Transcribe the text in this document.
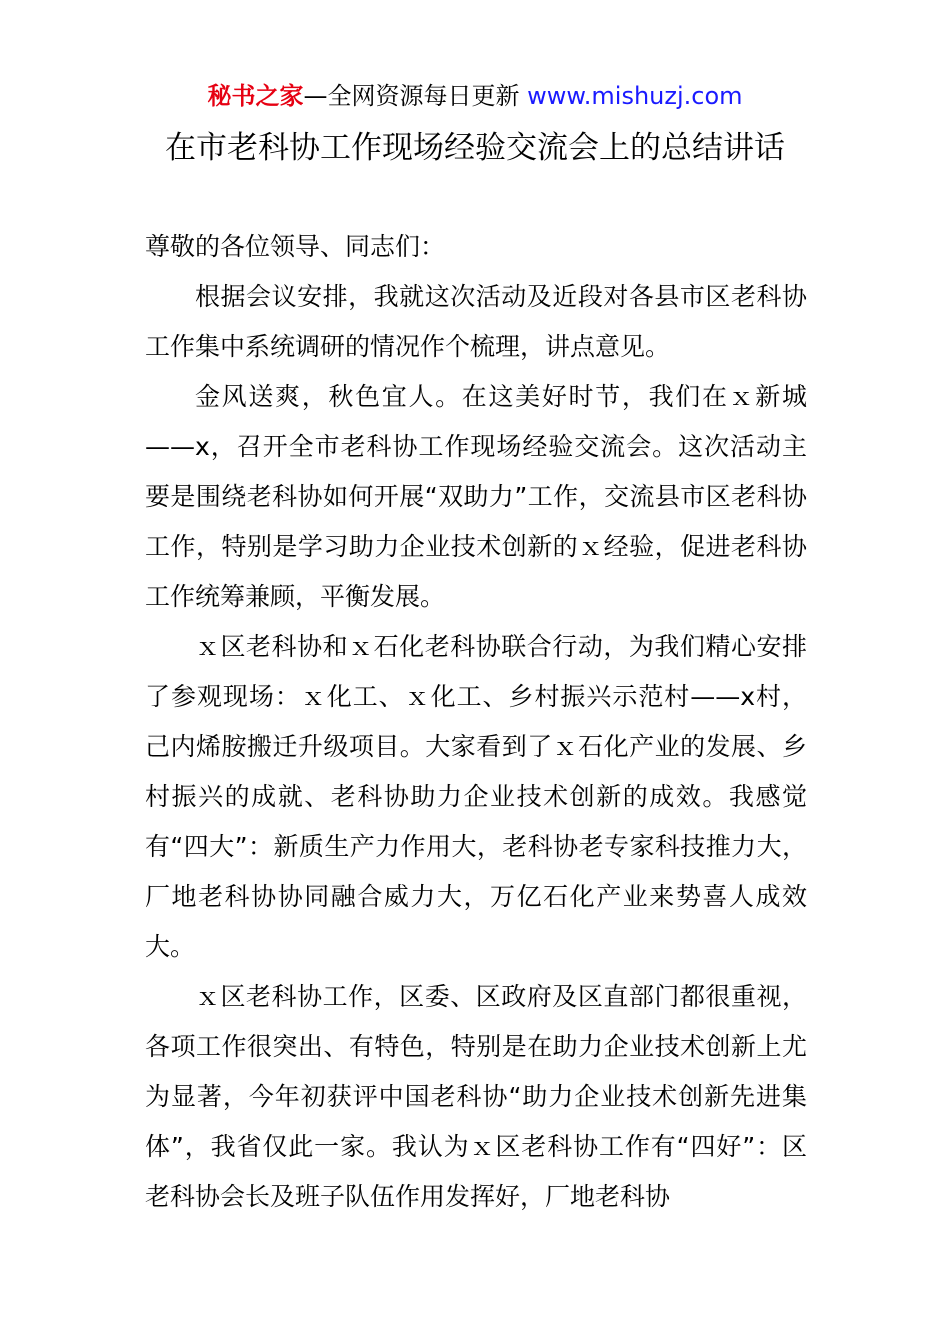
秘书之家—全网资源每日更新 www.mishuzj.com
在市老科协工作现场经验交流会上的总结讲话

尊敬的各位领导、同志们：

根据会议安排，我就这次活动及近段对各县市区老科协工作集中系统调研的情况作个梳理，讲点意见。

金风送爽，秋色宜人。在这美好时节，我们在ｘ新城——x，召开全市老科协工作现场经验交流会。这次活动主要是围绕老科协如何开展“双助力”工作，交流县市区老科协工作，特别是学习助力企业技术创新的ｘ经验，促进老科协工作统筹兼顾，平衡发展。

ｘ区老科协和ｘ石化老科协联合行动，为我们精心安排了参观现场：ｘ化工、ｘ化工、乡村振兴示范村——x村，己内烯胺搬迁升级项目。大家看到了ｘ石化产业的发展、乡村振兴的成就、老科协助力企业技术创新的成效。我感觉有“四大”：新质生产力作用大，老科协老专家科技推力大，厂地老科协协同融合威力大，万亿石化产业来势喜人成效大。

ｘ区老科协工作，区委、区政府及区直部门都很重视，各项工作很突出、有特色，特别是在助力企业技术创新上尤为显著，今年初获评中国老科协“助力企业技术创新先进集体”，我省仅此一家。我认为ｘ区老科协工作有“四好”：区老科协会长及班子队伍作用发挥好，厂地老科协
